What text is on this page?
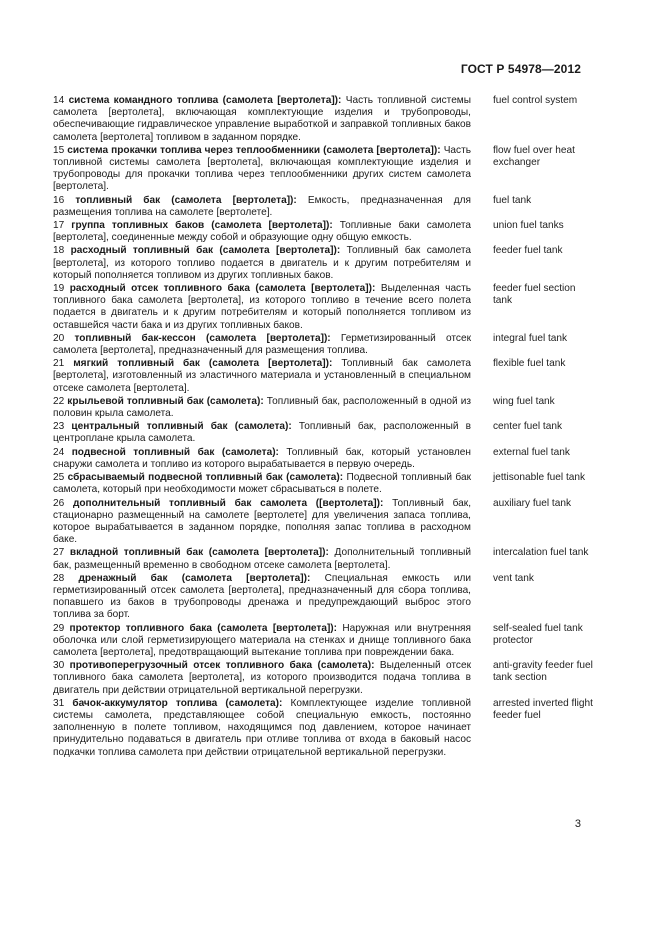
ГОСТ Р 54978—2012
14 система командного топлива (самолета [вертолета]): Часть топливной системы самолета [вертолета], включающая комплектующие изделия и трубопроводы, обеспечивающие гидравлическое управление выработкой и заправкой топливных баков самолета [вертолета] топливом в заданном порядке.
fuel control system
15 система прокачки топлива через теплообменники (самолета [вертолета]): Часть топливной системы самолета [вертолета], включающая комплектующие изделия и трубопроводы для прокачки топлива через теплообменники других систем самолета [вертолета].
flow fuel over heat exchanger
16 топливный бак (самолета [вертолета]): Емкость, предназначенная для размещения топлива на самолете [вертолете].
fuel tank
17 группа топливных баков (самолета [вертолета]): Топливные баки самолета [вертолета], соединенные между собой и образующие одну общую емкость.
union fuel tanks
18 расходный топливный бак (самолета [вертолета]): Топливный бак самолета [вертолета], из которого топливо подается в двигатель и к другим потребителям и который пополняется топливом из других топливных баков.
feeder fuel tank
19 расходный отсек топливного бака (самолета [вертолета]): Выделенная часть топливного бака самолета [вертолета], из которого топливо в течение всего полета подается в двигатель и к другим потребителям и который пополняется топливом из оставшейся части бака и из других топливных баков.
feeder fuel section tank
20 топливный бак-кессон (самолета [вертолета]): Герметизированный отсек самолета [вертолета], предназначенный для размещения топлива.
integral fuel tank
21 мягкий топливный бак (самолета [вертолета]): Топливный бак самолета [вертолета], изготовленный из эластичного материала и установленный в специальном отсеке самолета [вертолета].
flexible fuel tank
22 крыльевой топливный бак (самолета): Топливный бак, расположенный в одной из половин крыла самолета.
wing fuel tank
23 центральный топливный бак (самолета): Топливный бак, расположенный в центроплане крыла самолета.
center fuel tank
24 подвесной топливный бак (самолета): Топливный бак, который установлен снаружи самолета и топливо из которого вырабатывается в первую очередь.
external fuel tank
25 сбрасываемый подвесной топливный бак (самолета): Подвесной топливный бак самолета, который при необходимости может сбрасываться в полете.
jettisonable fuel tank
26 дополнительный топливный бак самолета ([вертолета]): Топливный бак, стационарно размещенный на самолете [вертолете] для увеличения запаса топлива, которое вырабатывается в заданном порядке, пополняя запас топлива в расходном баке.
auxiliary fuel tank
27 вкладной топливный бак (самолета [вертолета]): Дополнительный топливный бак, размещенный временно в свободном отсеке самолета [вертолета].
intercalation fuel tank
28 дренажный бак (самолета [вертолета]): Специальная емкость или герметизированный отсек самолета [вертолета], предназначенный для сбора топлива, попавшего из баков в трубопроводы дренажа и предупреждающий выброс этого топлива за борт.
vent tank
29 протектор топливного бака (самолета [вертолета]): Наружная или внутренняя оболочка или слой герметизирующего материала на стенках и днище топливного бака самолета [вертолета], предотвращающий вытекание топлива при повреждении бака.
self-sealed fuel tank protector
30 противоперегрузочный отсек топливного бака (самолета): Выделенный отсек топливного бака самолета [вертолета], из которого производится подача топлива в двигатель при действии отрицательной вертикальной перегрузки.
anti-gravity feeder fuel tank section
31 бачок-аккумулятор топлива (самолета): Комплектующее изделие топливной системы самолета, представляющее собой специальную емкость, постоянно заполненную в полете топливом, находящимся под давлением, которое начинает принудительно подаваться в двигатель при отливе топлива от входа в баковый насос подкачки топлива самолета при действии отрицательной вертикальной перегрузки.
arrested inverted flight feeder fuel
3
